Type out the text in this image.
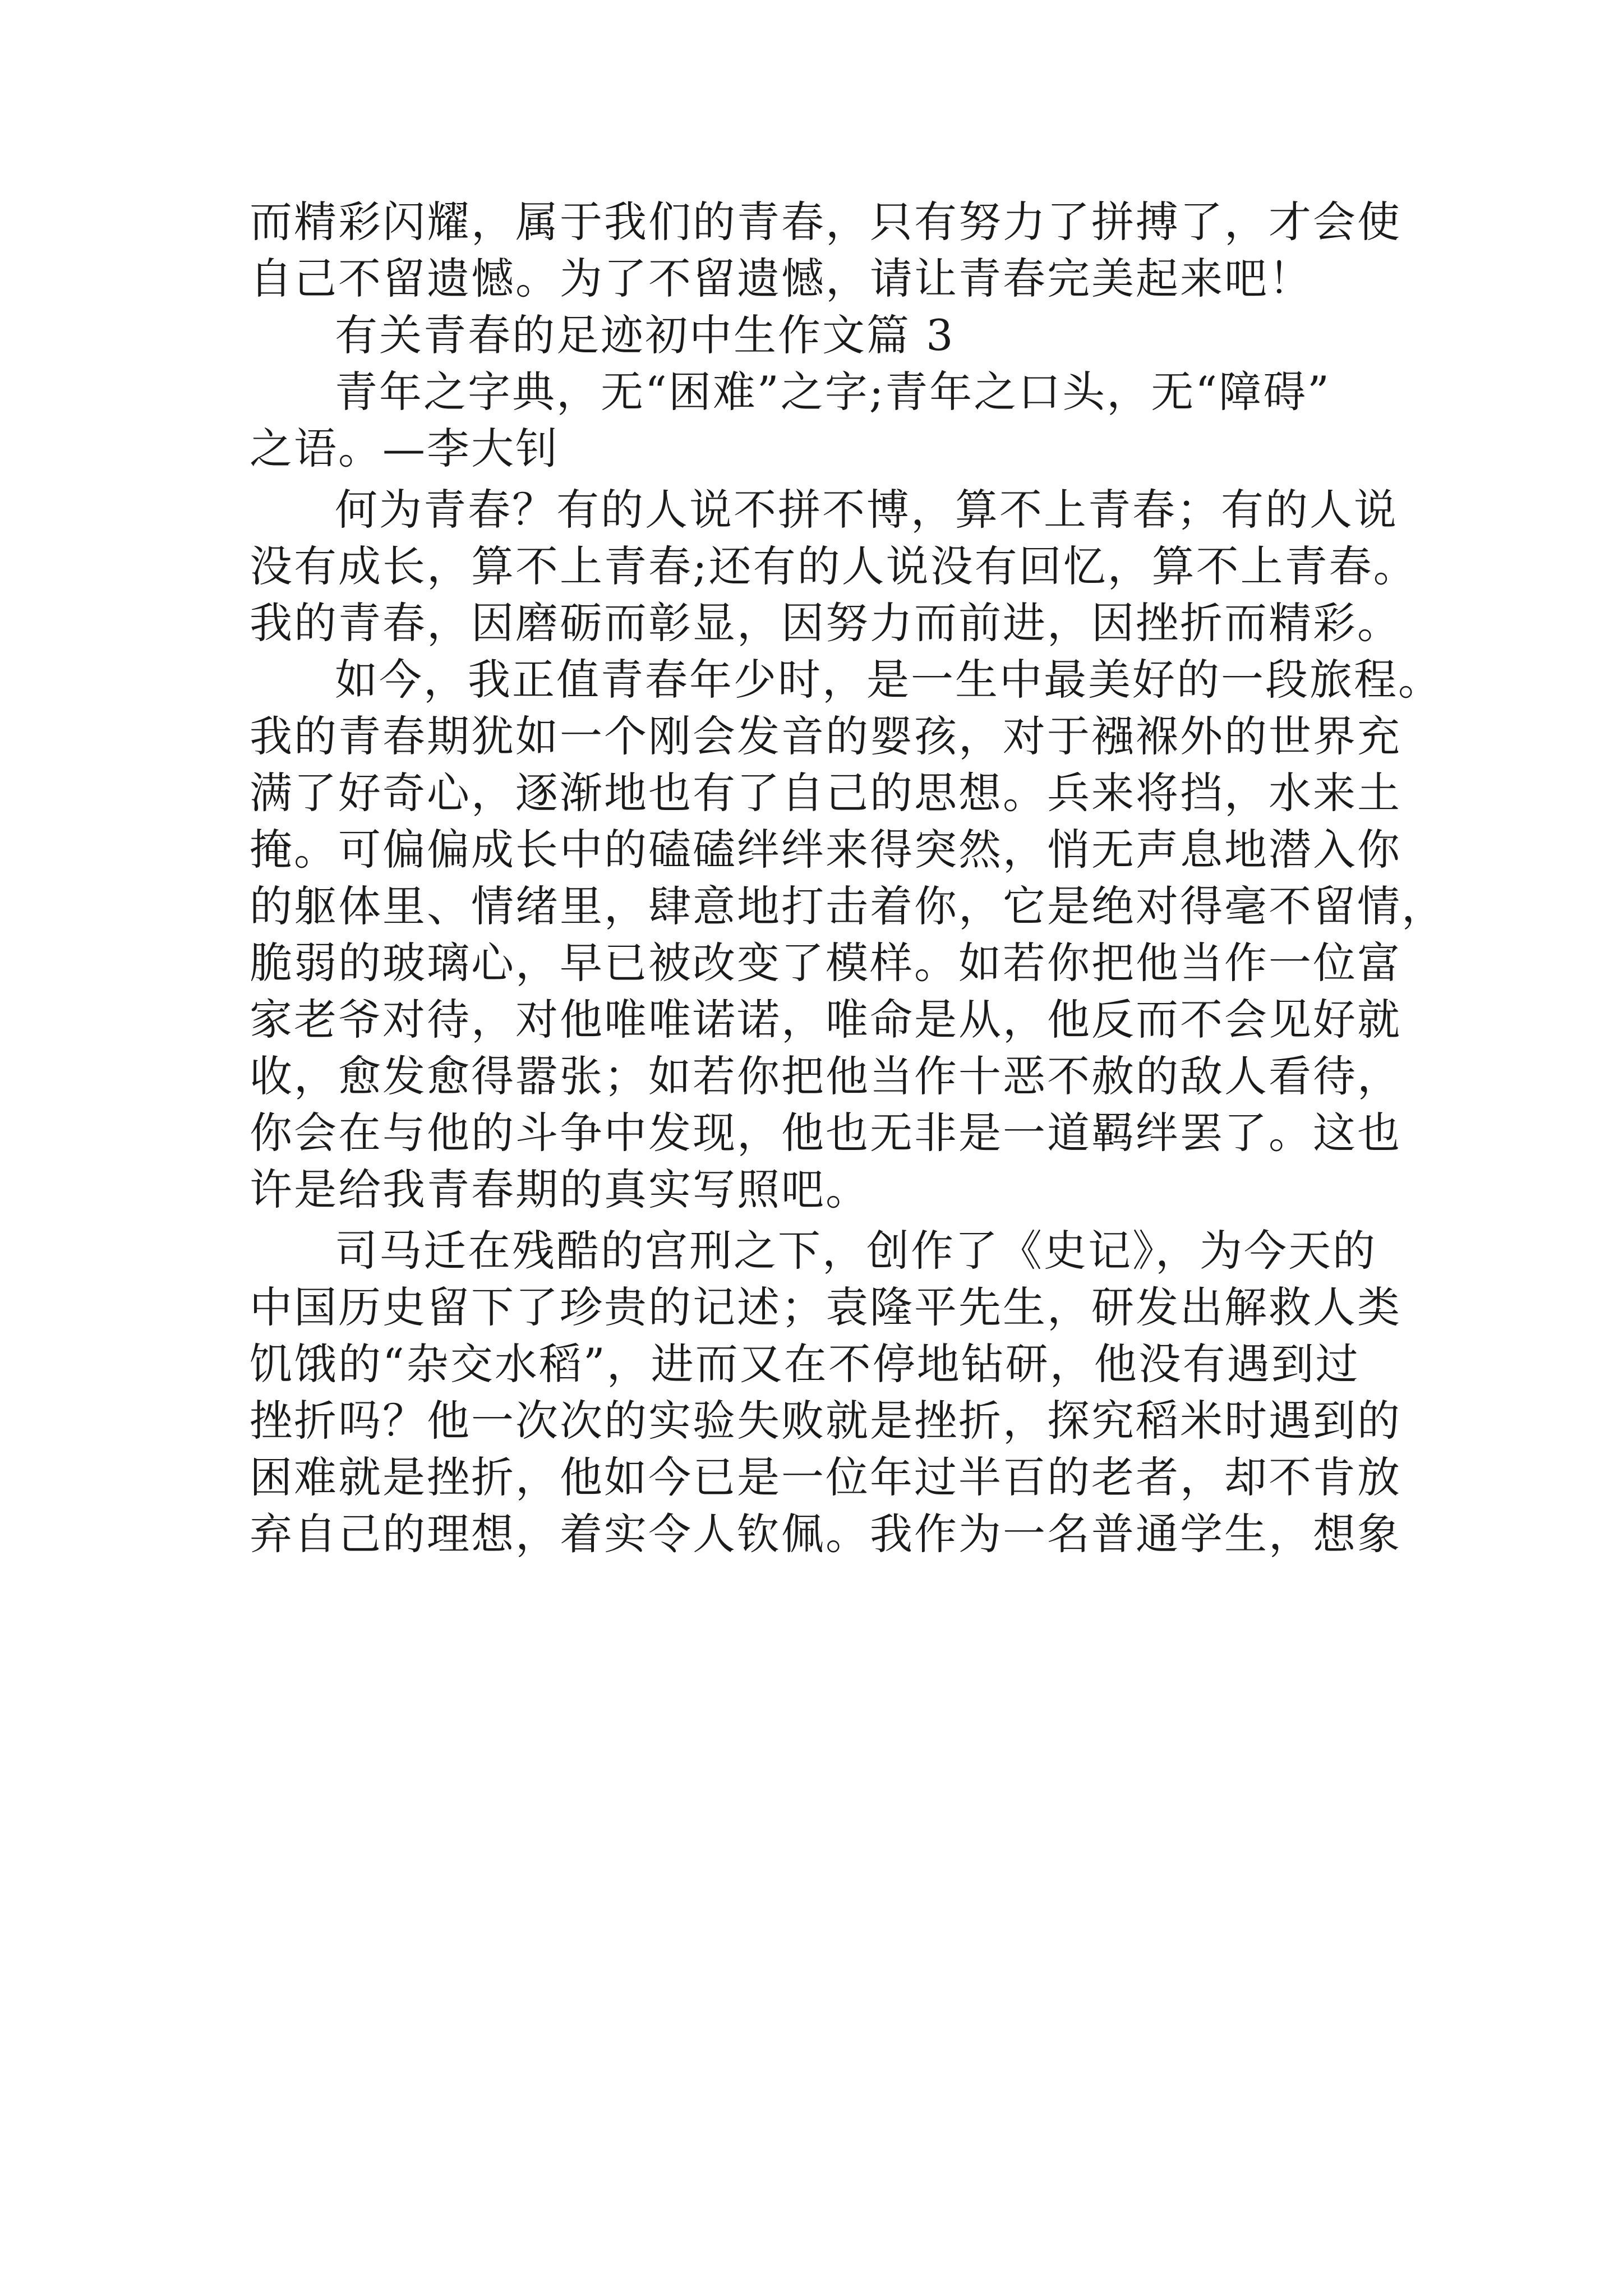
而精彩闪耀，属于我们的青春，只有努力了拼搏了，才会使
自己不留遗憾。为了不留遗憾，请让青春完美起来吧！
有关青春的足迹初中生作文篇 3
青年之字典，无“困难”之字;青年之口头，无“障碍”
之语。—李大钊
何为青春？有的人说不拼不博，算不上青春；有的人说
没有成长，算不上青春;还有的人说没有回忆，算不上青春。
我的青春，因磨砺而彰显，因努力而前进，因挫折而精彩。
如今，我正值青春年少时，是一生中最美好的一段旅程。
我的青春期犹如一个刚会发音的婴孩，对于襁褓外的世界充
满了好奇心，逐渐地也有了自己的思想。兵来将挡，水来土
掩。可偏偏成长中的磕磕绊绊来得突然，悄无声息地潜入你
的躯体里、情绪里，肆意地打击着你，它是绝对得毫不留情，
脆弱的玻璃心，早已被改变了模样。如若你把他当作一位富
家老爷对待，对他唯唯诺诺，唯命是从，他反而不会见好就
收，愈发愈得嚣张；如若你把他当作十恶不赦的敌人看待，
你会在与他的斗争中发现，他也无非是一道羁绊罢了。这也
许是给我青春期的真实写照吧。
司马迁在残酷的宫刑之下，创作了《史记》，为今天的
中国历史留下了珍贵的记述；袁隆平先生，研发出解救人类
饥饿的“杂交水稻”，进而又在不停地钻研，他没有遇到过
挫折吗？他一次次的实验失败就是挫折，探究稻米时遇到的
困难就是挫折，他如今已是一位年过半百的老者，却不肯放
弃自己的理想，着实令人钦佩。我作为一名普通学生，想象
